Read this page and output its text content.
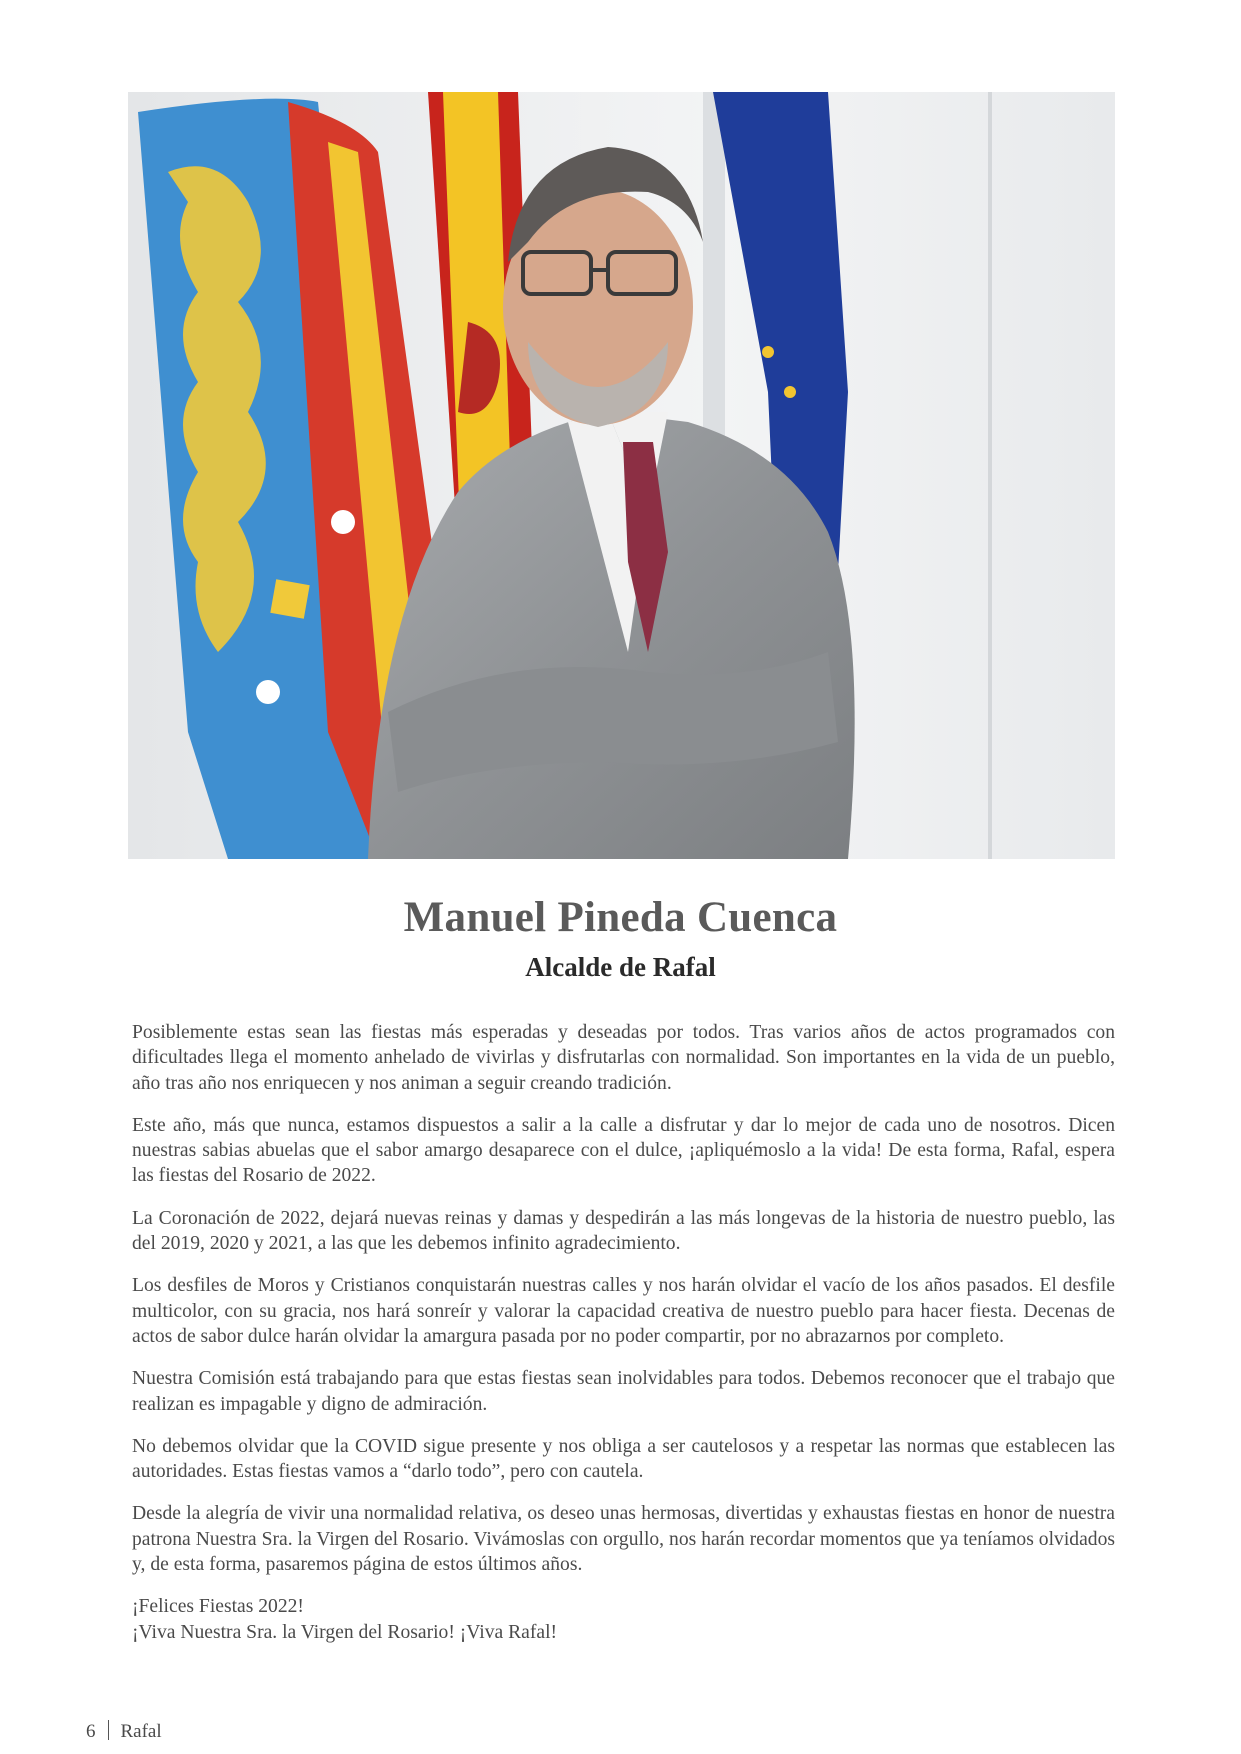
Manuel Pineda Cuenca
Alcalde de Rafal

Posiblemente estas sean las fiestas más esperadas y deseadas por todos. Tras varios años de actos programados con dificultades llega el momento anhelado de vivirlas y disfrutarlas con normalidad. Son importantes en la vida de un pueblo, año tras año nos enriquecen y nos animan a seguir creando tradición.

Este año, más que nunca, estamos dispuestos a salir a la calle a disfrutar y dar lo mejor de cada uno de nosotros. Dicen nuestras sabias abuelas que el sabor amargo desaparece con el dulce, ¡apliquémoslo a la vida! De esta forma, Rafal, espera las fiestas del Rosario de 2022.

La Coronación de 2022, dejará nuevas reinas y damas y despedirán a las más longevas de la historia de nuestro pueblo, las del 2019, 2020 y 2021, a las que les debemos infinito agradecimiento.

Los desfiles de Moros y Cristianos conquistarán nuestras calles y nos harán olvidar el vacío de los años pasados. El desfile multicolor, con su gracia, nos hará sonreír y valorar la capacidad creativa de nuestro pueblo para hacer fiesta. Decenas de actos de sabor dulce harán olvidar la amargura pasada por no poder compartir, por no abrazarnos por completo.

Nuestra Comisión está trabajando para que estas fiestas sean inolvidables para todos. Debemos reconocer que el trabajo que realizan es impagable y digno de admiración.

No debemos olvidar que la COVID sigue presente y nos obliga a ser cautelosos y a respetar las normas que establecen las autoridades. Estas fiestas vamos a “darlo todo”, pero con cautela.

Desde la alegría de vivir una normalidad relativa, os deseo unas hermosas, divertidas y exhaustas fiestas en honor de nuestra patrona Nuestra Sra. la Virgen del Rosario. Vivámoslas con orgullo, nos harán recordar momentos que ya teníamos olvidados y, de esta forma, pasaremos página de estos últimos años.

¡Felices Fiestas 2022!
¡Viva Nuestra Sra. la Virgen del Rosario! ¡Viva Rafal!

6 Rafal
